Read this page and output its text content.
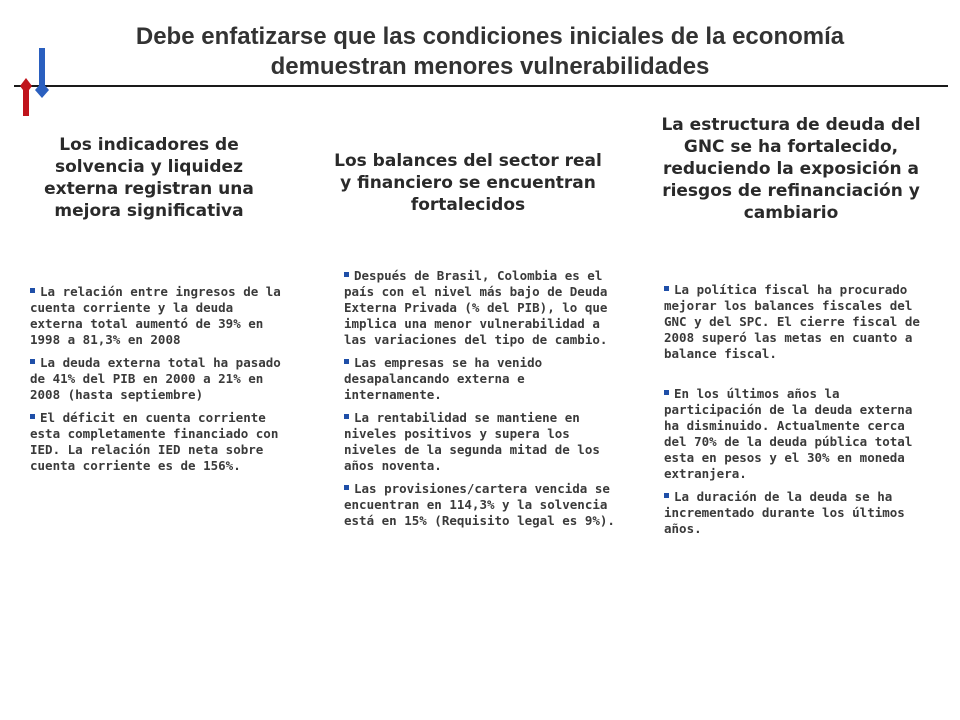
Debe enfatizarse que las condiciones iniciales de la economía
demuestran menores vulnerabilidades
Los indicadores de solvencia y liquidez externa registran una mejora significativa
La relación entre ingresos de la cuenta corriente y la deuda externa total aumentó de 39% en 1998 a 81,3% en 2008
La deuda externa total ha pasado de 41% del PIB en 2000 a 21% en 2008 (hasta septiembre)
El déficit en cuenta corriente esta completamente financiado con IED. La relación IED neta sobre cuenta corriente es de 156%.
Los balances del sector real y financiero se encuentran fortalecidos
Después de Brasil, Colombia es el país con el nivel más bajo de Deuda Externa Privada (% del PIB), lo que implica una menor vulnerabilidad a las variaciones del tipo de cambio.
Las empresas se ha venido desapalancando externa e internamente.
La rentabilidad se mantiene en niveles positivos y supera los niveles de la segunda mitad de los años noventa.
Las provisiones/cartera vencida se encuentran en 114,3% y la solvencia está en 15% (Requisito legal es 9%).
La estructura de deuda del GNC se ha fortalecido, reduciendo la exposición a riesgos de refinanciación y cambiario
La política fiscal ha procurado mejorar los balances fiscales del GNC y del SPC. El cierre fiscal de 2008 superó las metas en cuanto a balance fiscal.
En los últimos años la participación de la deuda externa ha disminuido. Actualmente cerca del 70% de la deuda pública total esta en pesos y el 30% en moneda extranjera.
La duración de la deuda se ha incrementado durante los últimos años.
